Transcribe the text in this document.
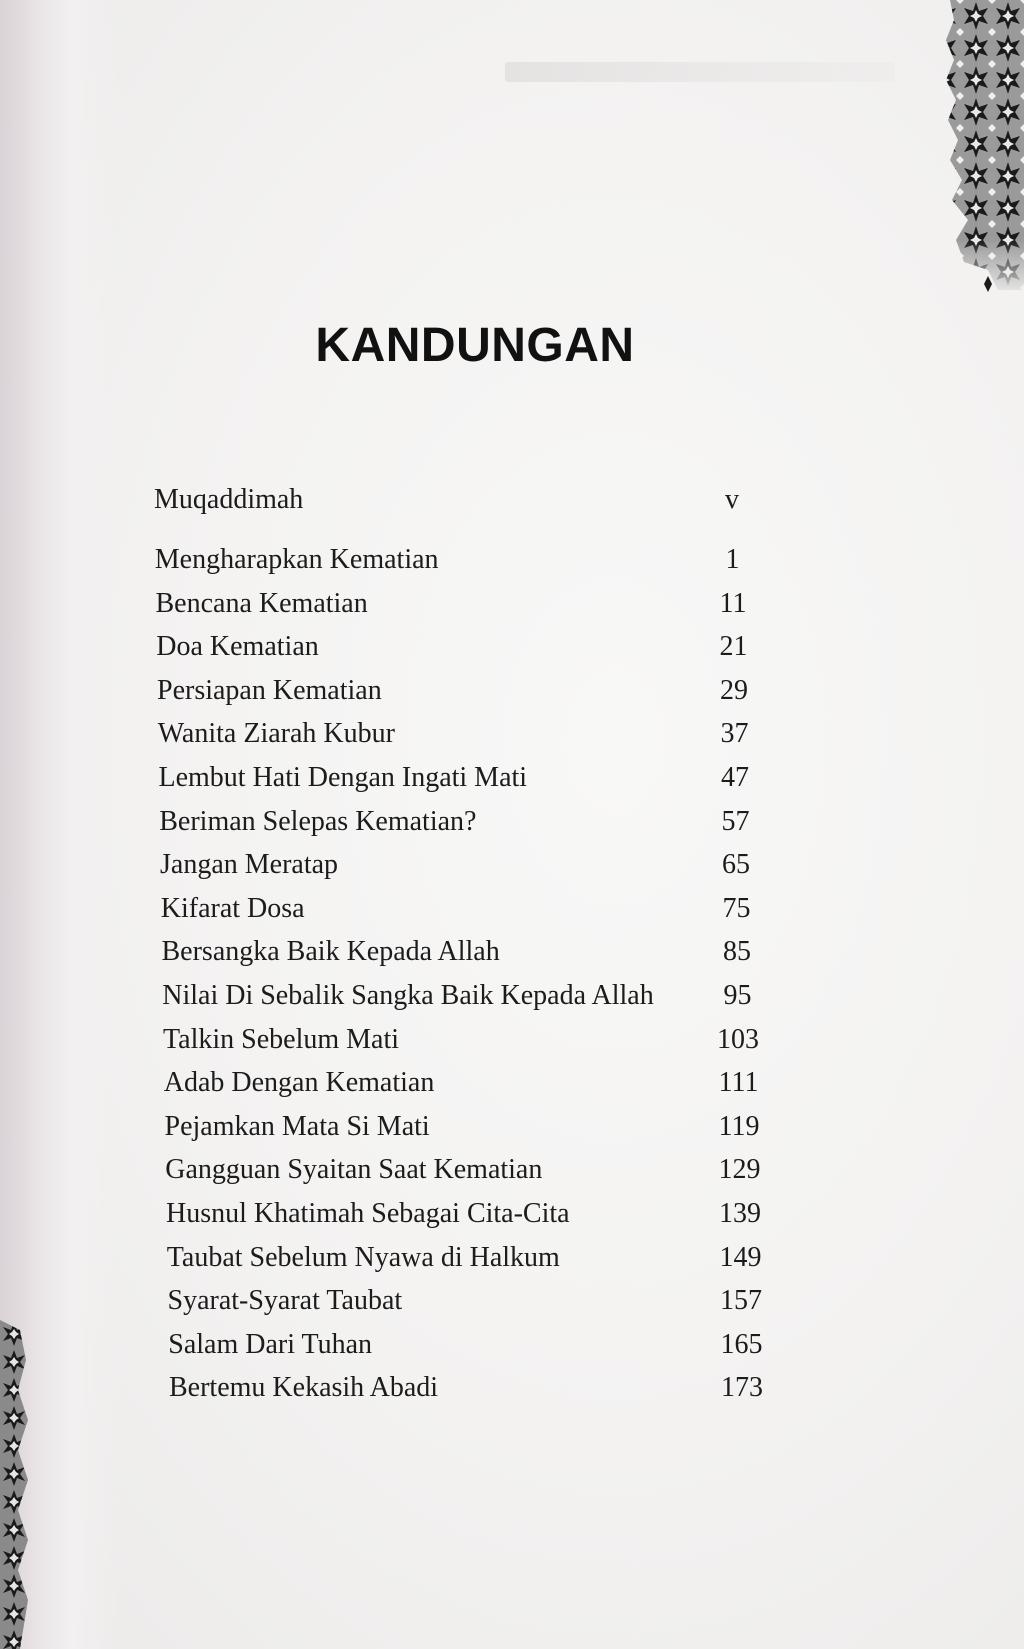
KANDUNGAN
Muqaddimah	v
Mengharapkan Kematian	1
Bencana Kematian	11
Doa Kematian	21
Persiapan Kematian	29
Wanita Ziarah Kubur	37
Lembut Hati Dengan Ingati Mati	47
Beriman Selepas Kematian?	57
Jangan Meratap	65
Kifarat Dosa	75
Bersangka Baik Kepada Allah	85
Nilai Di Sebalik Sangka Baik Kepada Allah	95
Talkin Sebelum Mati	103
Adab Dengan Kematian	111
Pejamkan Mata Si Mati	119
Gangguan Syaitan Saat Kematian	129
Husnul Khatimah Sebagai Cita-Cita	139
Taubat Sebelum Nyawa di Halkum	149
Syarat-Syarat Taubat	157
Salam Dari Tuhan	165
Bertemu Kekasih Abadi	173
